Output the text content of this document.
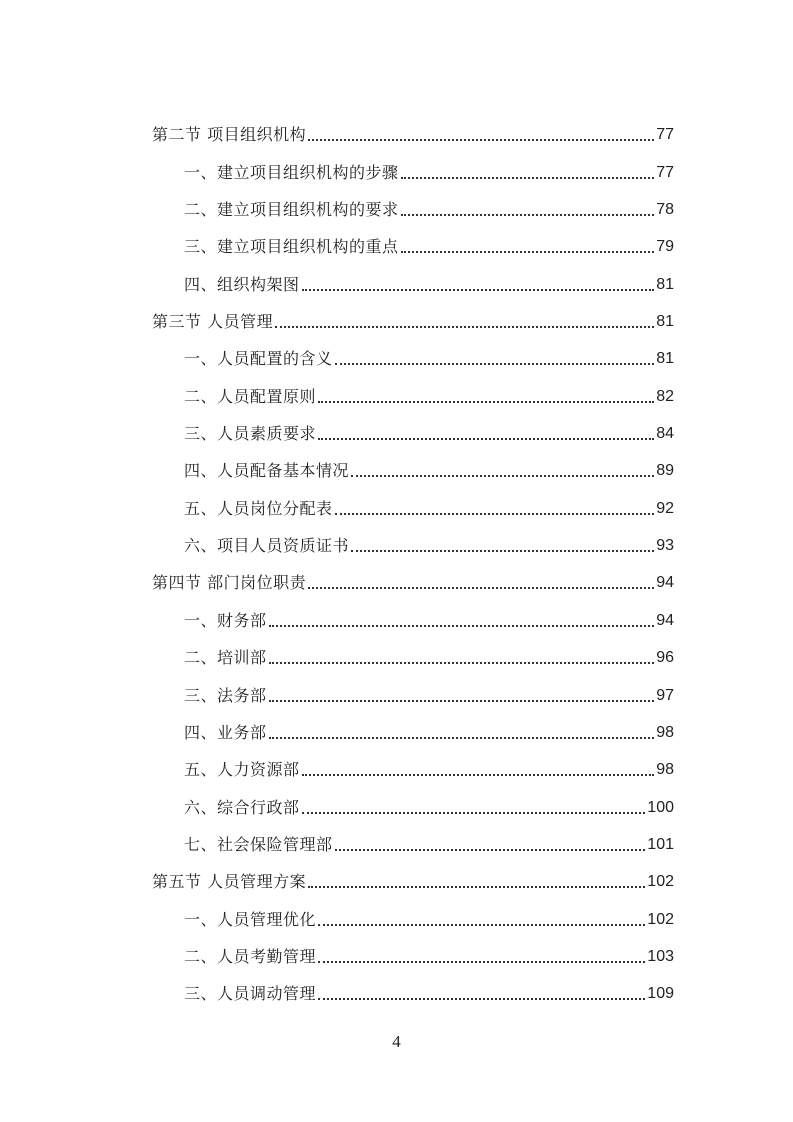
第二节 项目组织机构	77
一、建立项目组织机构的步骤	77
二、建立项目组织机构的要求	78
三、建立项目组织机构的重点	79
四、组织构架图	81
第三节 人员管理	81
一、人员配置的含义	81
二、人员配置原则	82
三、人员素质要求	84
四、人员配备基本情况	89
五、人员岗位分配表	92
六、项目人员资质证书	93
第四节 部门岗位职责	94
一、财务部	94
二、培训部	96
三、法务部	97
四、业务部	98
五、人力资源部	98
六、综合行政部	100
七、社会保险管理部	101
第五节 人员管理方案	102
一、人员管理优化	102
二、人员考勤管理	103
三、人员调动管理	109
4
